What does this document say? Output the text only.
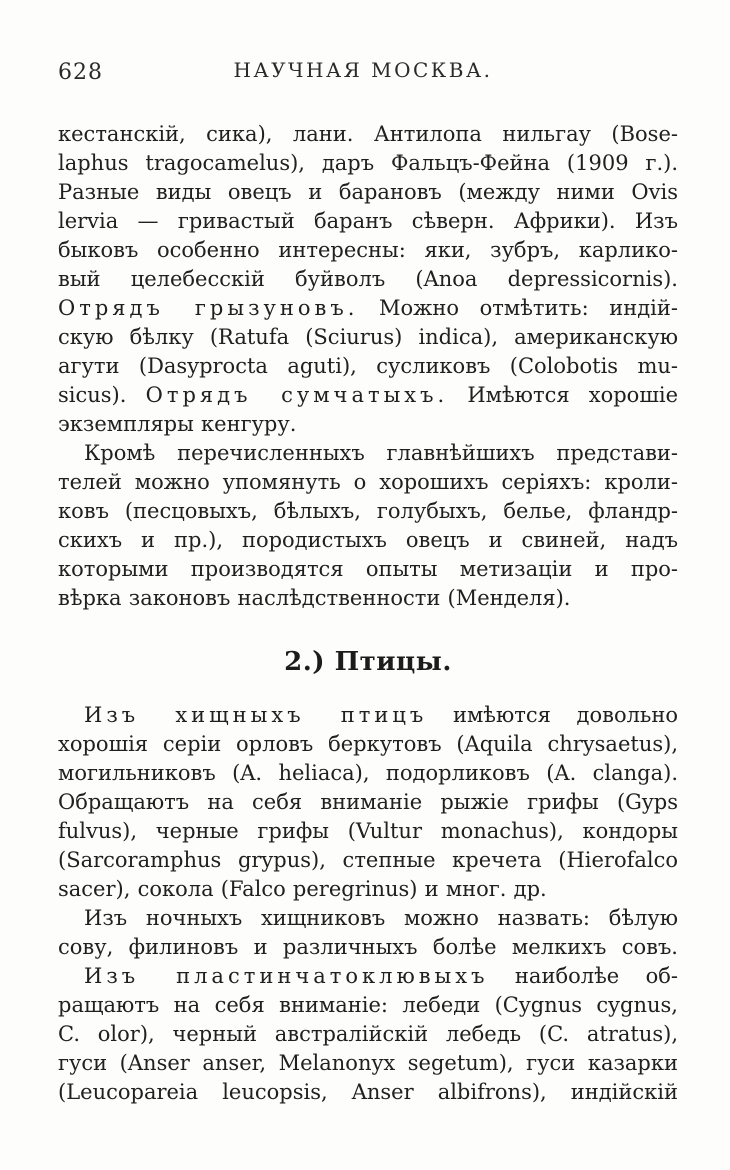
628	НАУЧНАЯ МОСКВА.
кестанскій, сика), лани. Антилопа нильгау (Bose-
laphus tragocamelus), даръ Фальцъ-Фейна (1909 г.).
Разные виды овецъ и барановъ (между ними Ovis
lervia — гривастый баранъ сѣверн. Африки). Изъ
быковъ особенно интересны: яки, зубръ, карлико-
вый целебесскій буйволъ (Anoa depressicornis).
Отрядъ грызуновъ. Можно отмѣтить: индій-
скую бѣлку (Ratufa (Sciurus) indica), американскую
агути (Dasyprocta aguti), сусликовъ (Colobotis mu-
sicus). Отрядъ сумчатыхъ. Имѣются хорошіе
экземпляры кенгуру.
Кромѣ перечисленныхъ главнѣйшихъ представи-
телей можно упомянуть о хорошихъ серіяхъ: кроли-
ковъ (песцовыхъ, бѣлыхъ, голубыхъ, белье, фландр-
скихъ и пр.), породистыхъ овецъ и свиней, надъ
которыми производятся опыты метизаціи и про-
вѣрка законовъ наслѣдственности (Менделя).
2.) Птицы.
Изъ хищныхъ птицъ имѣются довольно
хорошія серіи орловъ беркутовъ (Aquila chrysaetus),
могильниковъ (A. heliaca), подорликовъ (A. clanga).
Обращаютъ на себя вниманіе рыжіе грифы (Gyps
fulvus), черные грифы (Vultur monachus), кондоры
(Sarcoramphus grypus), степные кречета (Hierofalco
sacer), сокола (Falco peregrinus) и мног. др.
Изъ ночныхъ хищниковъ можно назвать: бѣлую
сову, филиновъ и различныхъ болѣе мелкихъ совъ.
Изъ пластинчатоклювыхъ наиболѣе об-
ращаютъ на себя вниманіе: лебеди (Cygnus cygnus,
C. olor), черный австралійскій лебедь (C. atratus),
гуси (Anser anser, Melanonyx segetum), гуси казарки
(Leucopareia leucopsis, Anser albifrons), индійскій
